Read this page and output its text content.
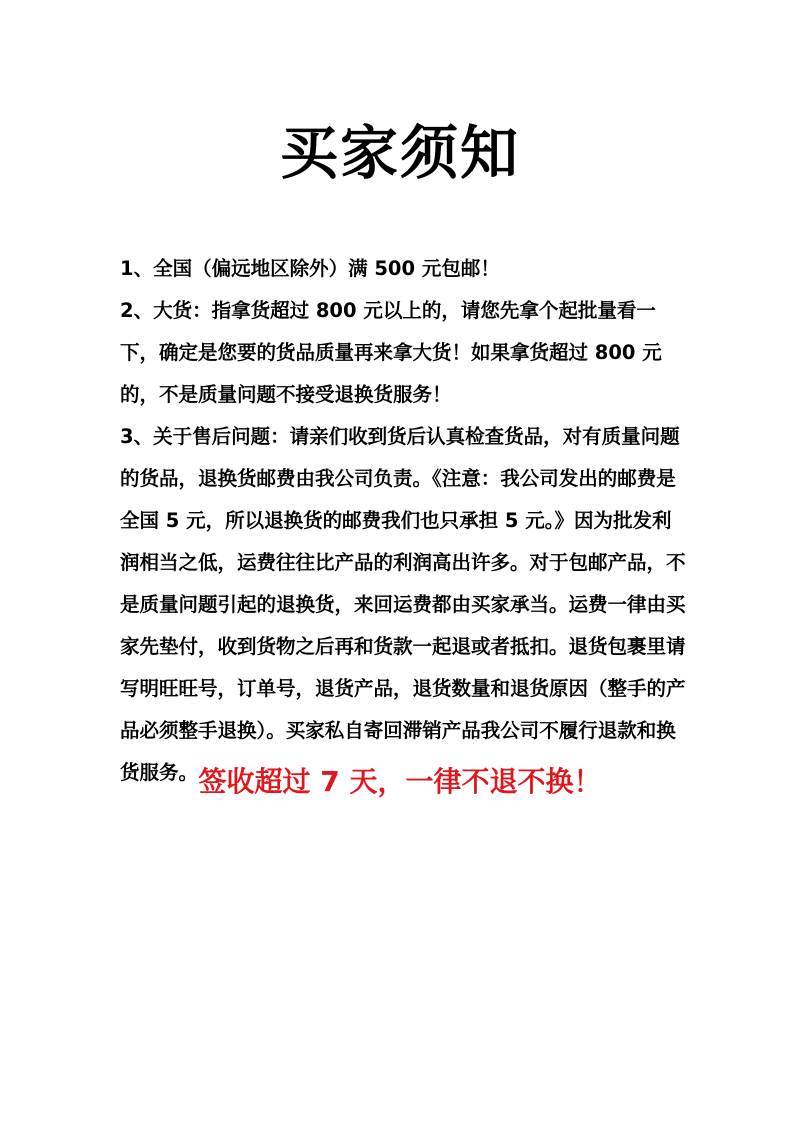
买家须知

1、全国（偏远地区除外）满 500 元包邮！

2、大货：指拿货超过 800 元以上的，请您先拿个起批量看一下，确定是您要的货品质量再来拿大货！如果拿货超过 800 元的，不是质量问题不接受退换货服务！

3、关于售后问题：请亲们收到货后认真检查货品，对有质量问题的货品，退换货邮费由我公司负责。《注意：我公司发出的邮费是全国 5 元，所以退换货的邮费我们也只承担 5 元。》因为批发利润相当之低，运费往往比产品的利润高出许多。对于包邮产品，不是质量问题引起的退换货，来回运费都由买家承当。运费一律由买家先垫付，收到货物之后再和货款一起退或者抵扣。退货包裹里请写明旺旺号，订单号，退货产品，退货数量和退货原因（整手的产品必须整手退换）。买家私自寄回滞销产品我公司不履行退款和换货服务。 签收超过 7 天，一律不退不换！
